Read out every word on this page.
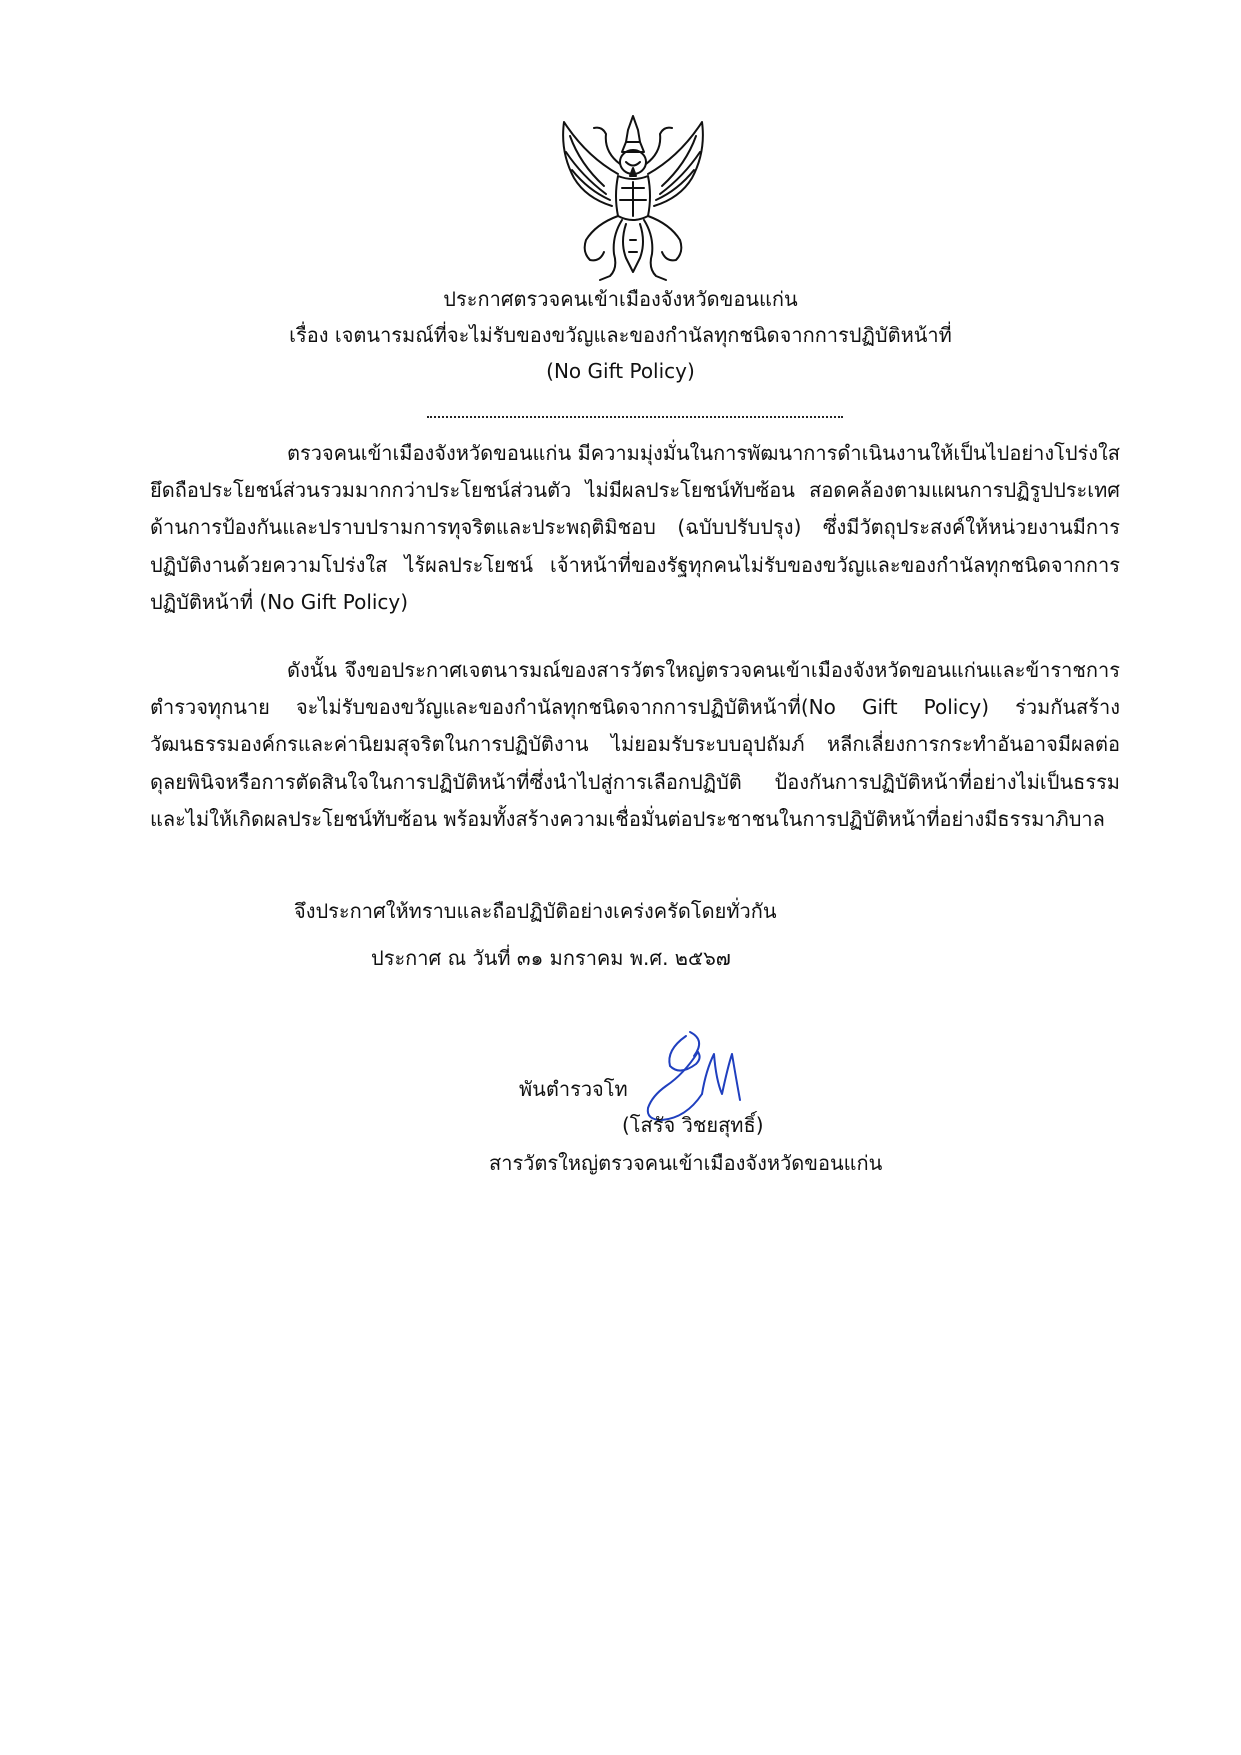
ประกาศตรวจคนเข้าเมืองจังหวัดขอนแก่น
เรื่อง เจตนารมณ์ที่จะไม่รับของขวัญและของกำนัลทุกชนิดจากการปฏิบัติหน้าที่
(No Gift Policy)

ตรวจคนเข้าเมืองจังหวัดขอนแก่น มีความมุ่งมั่นในการพัฒนาการดำเนินงานให้เป็นไปอย่างโปร่งใส ยึดถือประโยชน์ส่วนรวมมากกว่าประโยชน์ส่วนตัว ไม่มีผลประโยชน์ทับซ้อน สอดคล้องตามแผนการปฏิรูปประเทศด้านการป้องกันและปราบปรามการทุจริตและประพฤติมิชอบ (ฉบับปรับปรุง) ซึ่งมีวัตถุประสงค์ให้หน่วยงานมีการปฏิบัติงานด้วยความโปร่งใส ไร้ผลประโยชน์ เจ้าหน้าที่ของรัฐทุกคนไม่รับของขวัญและของกำนัลทุกชนิดจากการปฏิบัติหน้าที่ (No Gift Policy)

ดังนั้น จึงขอประกาศเจตนารมณ์ของสารวัตรใหญ่ตรวจคนเข้าเมืองจังหวัดขอนแก่นและข้าราชการตำรวจทุกนาย จะไม่รับของขวัญและของกำนัลทุกชนิดจากการปฏิบัติหน้าที่(No Gift Policy) ร่วมกันสร้างวัฒนธรรมองค์กรและค่านิยมสุจริตในการปฏิบัติงาน ไม่ยอมรับระบบอุปถัมภ์ หลีกเลี่ยงการกระทำอันอาจมีผลต่อดุลยพินิจหรือการตัดสินใจในการปฏิบัติหน้าที่ซึ่งนำไปสู่การเลือกปฏิบัติ ป้องกันการปฏิบัติหน้าที่อย่างไม่เป็นธรรม และไม่ให้เกิดผลประโยชน์ทับซ้อน พร้อมทั้งสร้างความเชื่อมั่นต่อประชาชนในการปฏิบัติหน้าที่อย่างมีธรรมาภิบาล

จึงประกาศให้ทราบและถือปฏิบัติอย่างเคร่งครัดโดยทั่วกัน
ประกาศ ณ วันที่ ๓๑ มกราคม พ.ศ. ๒๕๖๗
พันตำรวจโท
(โสรัจ วิชยสุทธิ์)
สารวัตรใหญ่ตรวจคนเข้าเมืองจังหวัดขอนแก่น
